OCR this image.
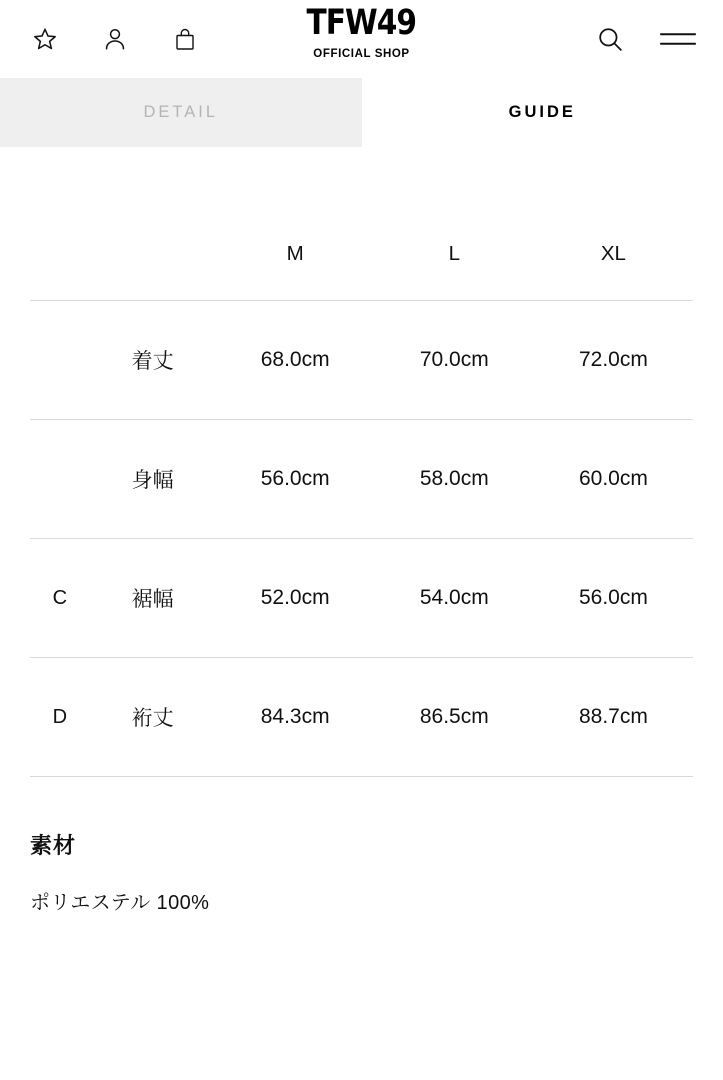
TFW49
OFFICIAL SHOP
DETAIL	GUIDE
		M	L	XL
	着丈	68.0cm	70.0cm	72.0cm
	身幅	56.0cm	58.0cm	60.0cm
C	裾幅	52.0cm	54.0cm	56.0cm
D	裄丈	84.3cm	86.5cm	88.7cm
素材
ポリエステル 100%
